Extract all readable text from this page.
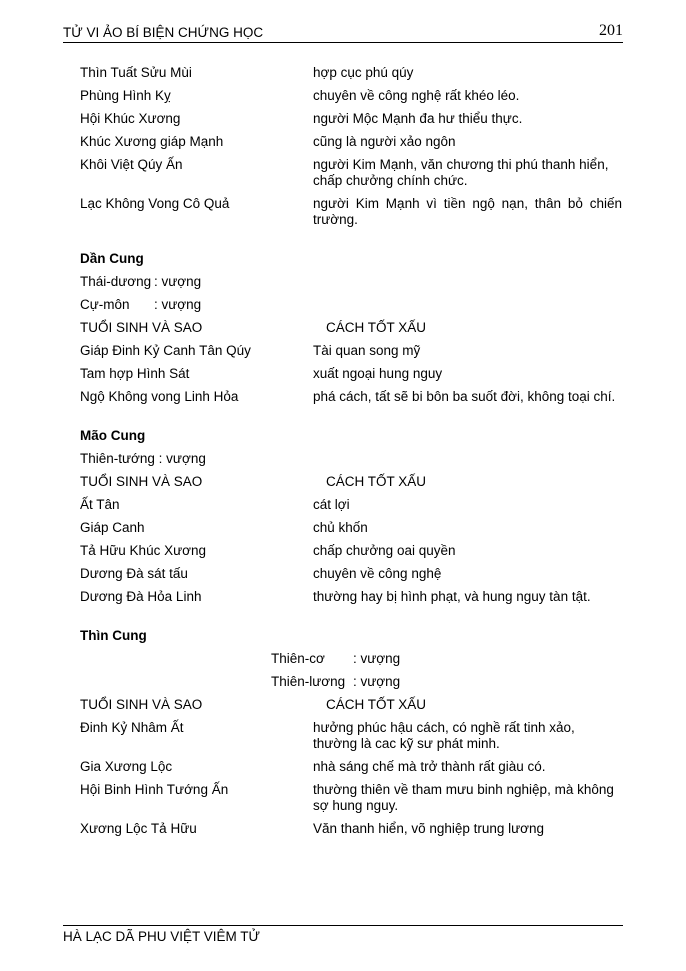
TỬ VI ẢO BÍ BIỆN CHỨNG HỌC	201
Thìn Tuất Sửu Mùi	hợp cục phú qúy
Phùng Hình Kỵ	chuyên về công nghệ rất khéo léo.
Hội Khúc Xương	người Mộc Mạnh đa hư thiểu thực.
Khúc Xương giáp Mạnh	cũng là người xảo ngôn
Khôi Việt Qúy Ấn	người Kim Mạnh, văn chương thi phú thanh hiển, chấp chưởng chính chức.
Lạc Không Vong Cô Quả	người Kim Mạnh vì tiền ngộ nạn, thân bỏ chiến trường.
Dần Cung
Thái-dương : vượng
Cự-môn : vượng
TUỔI SINH VÀ SAO	CÁCH TỐT XẤU
Giáp Đinh Kỷ Canh Tân Qúy	Tài quan song mỹ
Tam hợp Hình Sát	xuất ngoại hung nguy
Ngộ Không vong Linh Hỏa	phá cách, tất sẽ bi bôn ba suốt đời, không toại chí.
Mão Cung
Thiên-tướng : vượng
TUỔI SINH VÀ SAO	CÁCH TỐT XẤU
Ất Tân	cát lợi
Giáp Canh	chủ khốn
Tả Hữu Khúc Xương	chấp chưởng oai quyền
Dương Đà sát tấu	chuyên về công nghệ
Dương Đà Hỏa Linh	thường hay bị hình phạt, và hung nguy tàn tật.
Thìn Cung
Thiên-cơ : vượng
Thiên-lương : vượng
TUỔI SINH VÀ SAO	CÁCH TỐT XẤU
Đinh Kỷ Nhâm Ất	hưởng phúc hậu cách, có nghề rất tinh xảo, thường là cac kỹ sư phát minh.
Gia Xương Lộc	nhà sáng chế mà trở thành rất giàu có.
Hội Binh Hình Tướng Ấn	thường thiên về tham mưu binh nghiệp, mà không sợ hung nguy.
Xương Lộc Tả Hữu	Văn thanh hiển, võ nghiệp trung lương
HÀ LẠC DÃ PHU VIỆT VIÊM TỬ
